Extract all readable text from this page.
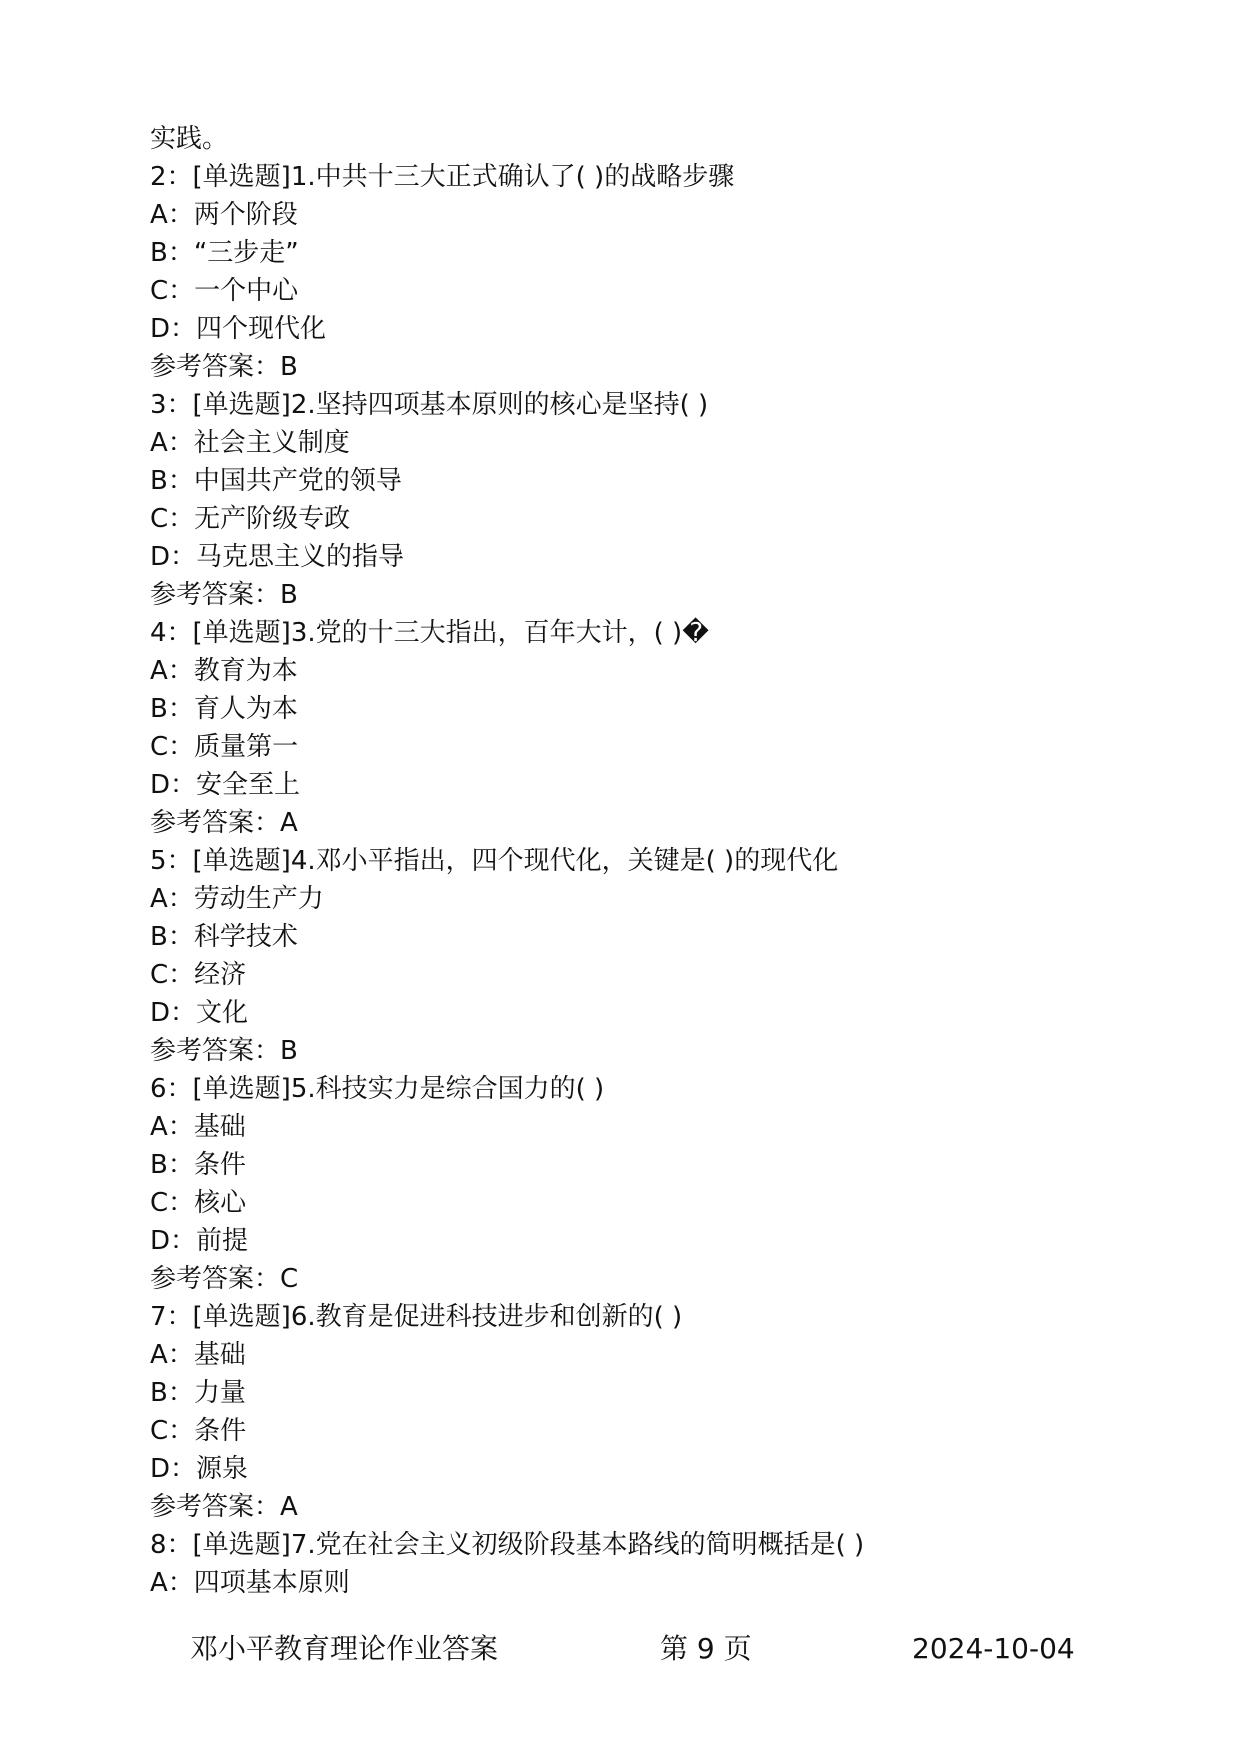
实践。
2：[单选题]1.中共十三大正式确认了( )的战略步骤
A：两个阶段
B：“三步走”
C：一个中心
D：四个现代化
参考答案：B
3：[单选题]2.坚持四项基本原则的核心是坚持( )
A：社会主义制度
B：中国共产党的领导
C：无产阶级专政
D：马克思主义的指导
参考答案：B
4：[单选题]3.党的十三大指出，百年大计，( )�
A：教育为本
B：育人为本
C：质量第一
D：安全至上
参考答案：A
5：[单选题]4.邓小平指出，四个现代化，关键是( )的现代化
A：劳动生产力
B：科学技术
C：经济
D：文化
参考答案：B
6：[单选题]5.科技实力是综合国力的( )
A：基础
B：条件
C：核心
D：前提
参考答案：C
7：[单选题]6.教育是促进科技进步和创新的( )
A：基础
B：力量
C：条件
D：源泉
参考答案：A
8：[单选题]7.党在社会主义初级阶段基本路线的简明概括是( )
A：四项基本原则
邓小平教育理论作业答案	第 9 页	2024-10-04
